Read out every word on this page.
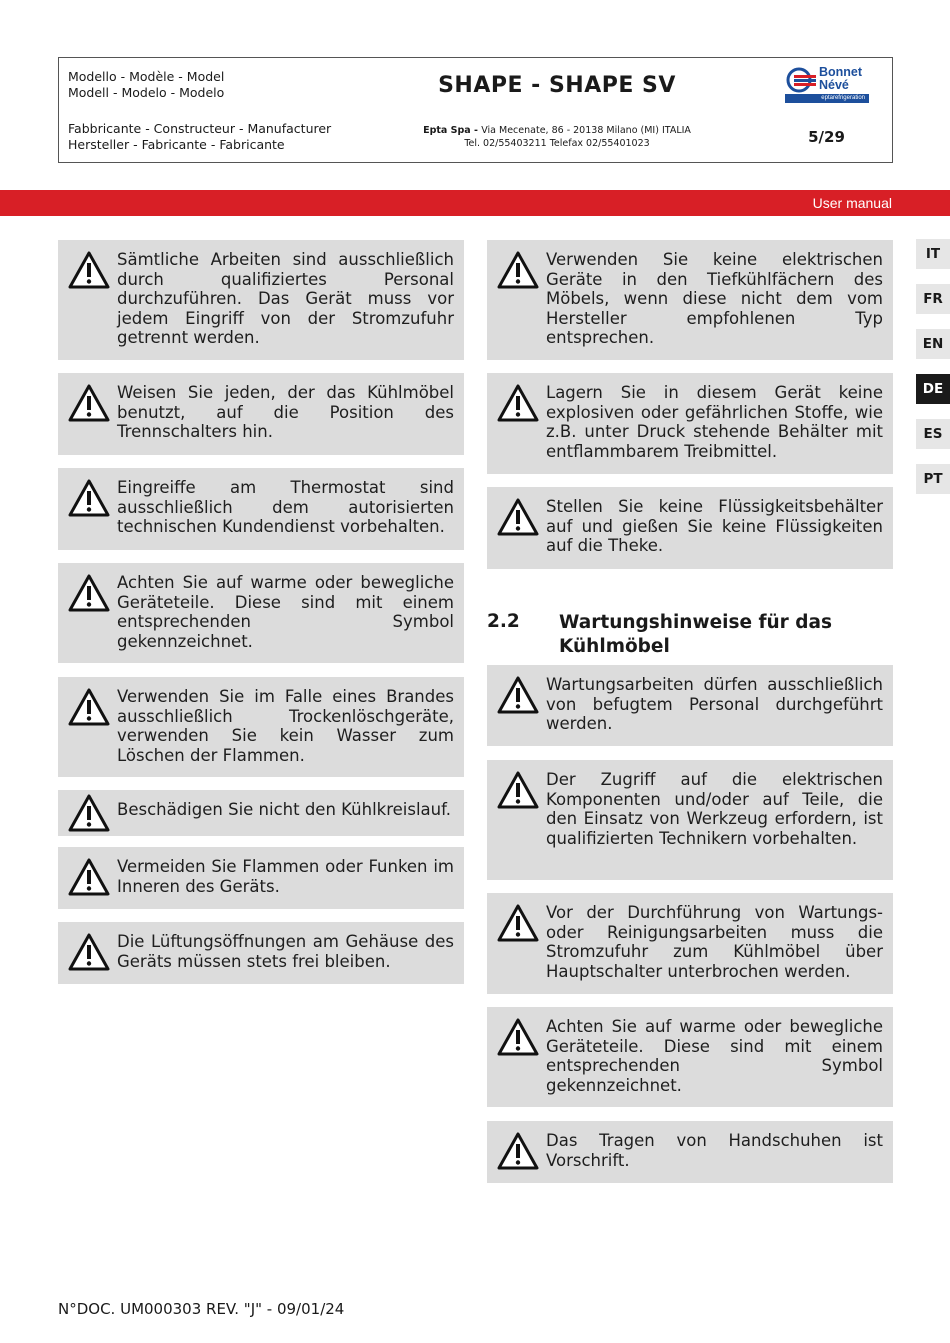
Modello - Modèle - Model
Modell - Modelo - Modelo	SHAPE - SHAPE SV
Bonnet
Névé
eptarefrigeration
Fabbricante - Constructeur - Manufacturer
Hersteller - Fabricante - Fabricante
Epta Spa - Via Mecenate, 86 - 20138 Milano (MI) ITALIA
Tel. 02/55403211 Telefax 02/55401023	5/29
User manual
IT
FR
EN
DE
ES
PT
Sämtliche Arbeiten sind ausschließlich durch qualifiziertes Personal durchzuführen. Das Gerät muss vor jedem Eingriff von der Stromzufuhr getrennt werden.
Weisen Sie jeden, der das Kühlmöbel benutzt, auf die Position des Trennschalters hin.
Eingreiffe am Thermostat sind ausschließlich dem autorisierten technischen Kundendienst vorbehalten.
Achten Sie auf warme oder bewegliche Geräteteile. Diese sind mit einem entsprechenden Symbol gekennzeichnet.
Verwenden Sie im Falle eines Brandes ausschließlich Trockenlöschgeräte, verwenden Sie kein Wasser zum Löschen der Flammen.
Beschädigen Sie nicht den Kühlkreislauf.
Vermeiden Sie Flammen oder Funken im Inneren des Geräts.
Die Lüftungsöffnungen am Gehäuse des Geräts müssen stets frei bleiben.
Verwenden Sie keine elektrischen Geräte in den Tiefkühlfächern des Möbels, wenn diese nicht dem vom Hersteller empfohlenen Typ entsprechen.
Lagern Sie in diesem Gerät keine explosiven oder gefährlichen Stoffe, wie z.B. unter Druck stehende Behälter mit entflammbarem Treibmittel.
Stellen Sie keine Flüssigkeitsbehälter auf und gießen Sie keine Flüssigkeiten auf die Theke.
2.2 Wartungshinweise für das Kühlmöbel
Wartungsarbeiten dürfen ausschließlich von befugtem Personal durchgeführt werden.
Der Zugriff auf die elektrischen Komponenten und/oder auf Teile, die den Einsatz von Werkzeug erfordern, ist qualifizierten Technikern vorbehalten.
Vor der Durchführung von Wartungs- oder Reinigungsarbeiten muss die Stromzufuhr zum Kühlmöbel über Hauptschalter unterbrochen werden.
Achten Sie auf warme oder bewegliche Geräteteile. Diese sind mit einem entsprechenden Symbol gekennzeichnet.
Das Tragen von Handschuhen ist Vorschrift.
N°DOC. UM000303 REV. "J" - 09/01/24
